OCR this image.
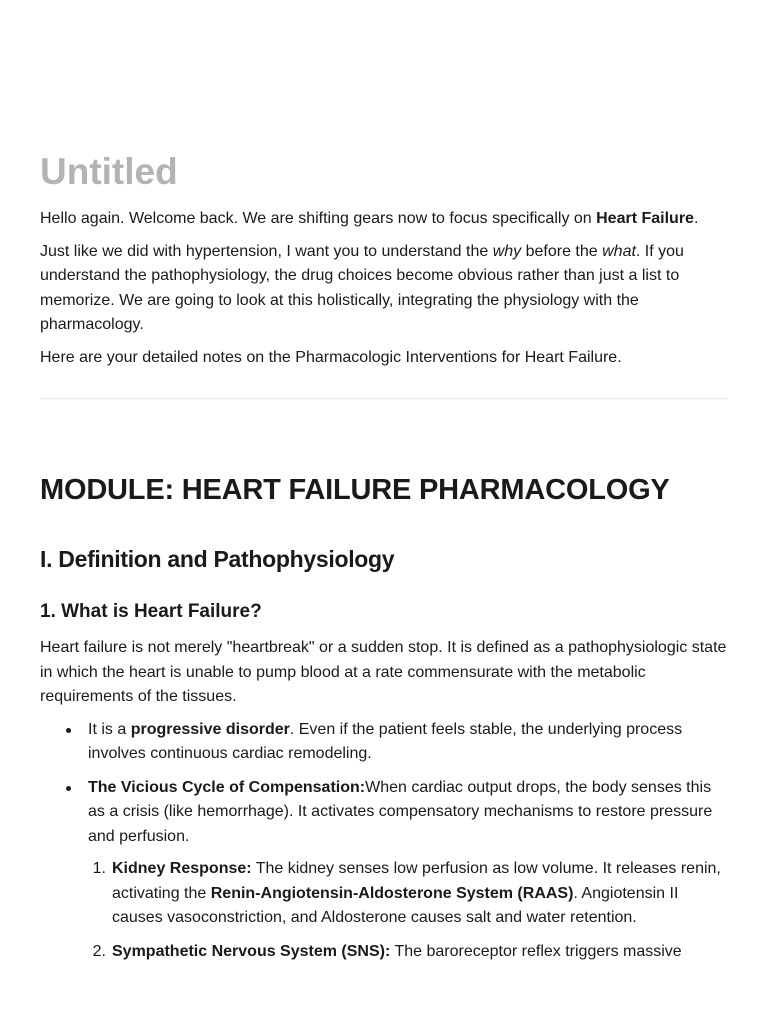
Untitled

Hello again. Welcome back. We are shifting gears now to focus specifically on Heart Failure.

Just like we did with hypertension, I want you to understand the why before the what. If you understand the pathophysiology, the drug choices become obvious rather than just a list to memorize. We are going to look at this holistically, integrating the physiology with the pharmacology.

Here are your detailed notes on the Pharmacologic Interventions for Heart Failure.

MODULE: HEART FAILURE PHARMACOLOGY
I. Definition and Pathophysiology
1. What is Heart Failure?

Heart failure is not merely "heartbreak" or a sudden stop. It is defined as a pathophysiologic state in which the heart is unable to pump blood at a rate commensurate with the metabolic requirements of the tissues.

It is a progressive disorder. Even if the patient feels stable, the underlying process involves continuous cardiac remodeling.
The Vicious Cycle of Compensation:When cardiac output drops, the body senses this as a crisis (like hemorrhage). It activates compensatory mechanisms to restore pressure and perfusion.
1. Kidney Response: The kidney senses low perfusion as low volume. It releases renin, activating the Renin-Angiotensin-Aldosterone System (RAAS). Angiotensin II causes vasoconstriction, and Aldosterone causes salt and water retention.
2. Sympathetic Nervous System (SNS): The baroreceptor reflex triggers massive
